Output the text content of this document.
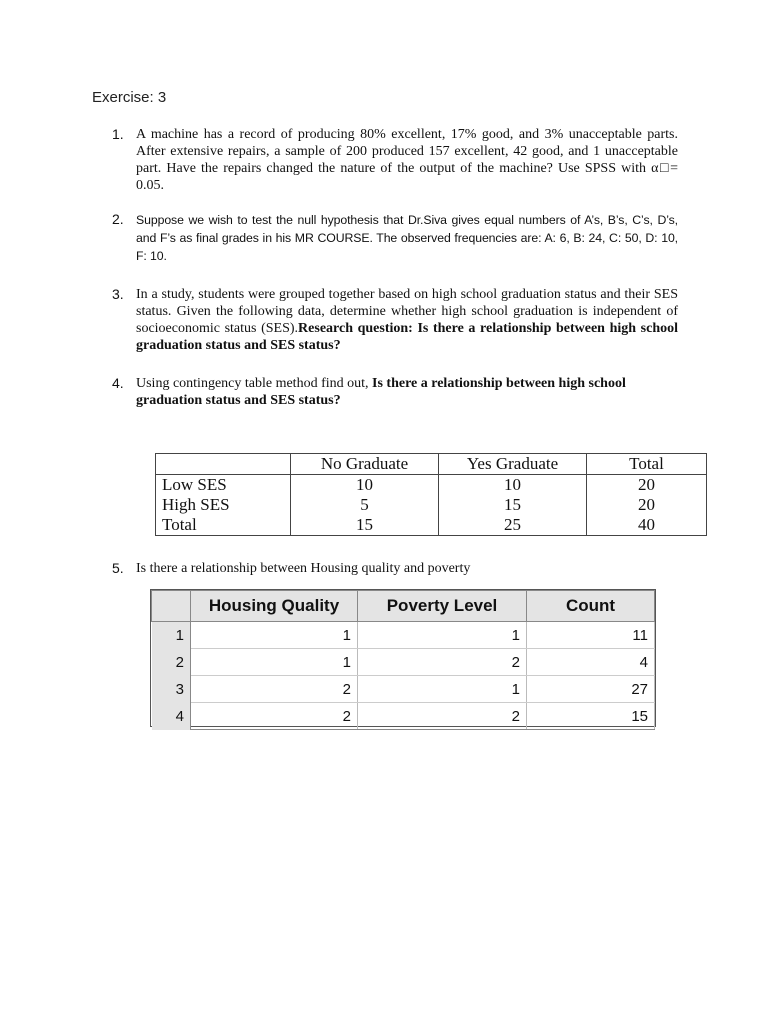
Exercise: 3
1. A machine has a record of producing 80% excellent, 17% good, and 3% unacceptable parts. After extensive repairs, a sample of 200 produced 157 excellent, 42 good, and 1 unacceptable part. Have the repairs changed the nature of the output of the machine? Use SPSS with α□= 0.05.
2. Suppose we wish to test the null hypothesis that Dr.Siva gives equal numbers of A’s, B’s, C’s, D’s, and F’s as final grades in his MR COURSE. The observed frequencies are: A: 6, B: 24, C: 50, D: 10, F: 10.
3. In a study, students were grouped together based on high school graduation status and their SES status. Given the following data, determine whether high school graduation is independent of socioeconomic status (SES).Research question: Is there a relationship between high school graduation status and SES status?
4. Using contingency table method find out, Is there a relationship between high school graduation status and SES status?
	No Graduate	Yes Graduate	Total
Low SES	10	10	20
High SES	5	15	20
Total	15	25	40
5. Is there a relationship between Housing quality and poverty
	Housing Quality	Poverty Level	Count
1	1	1	11
2	1	2	4
3	2	1	27
4	2	2	15
